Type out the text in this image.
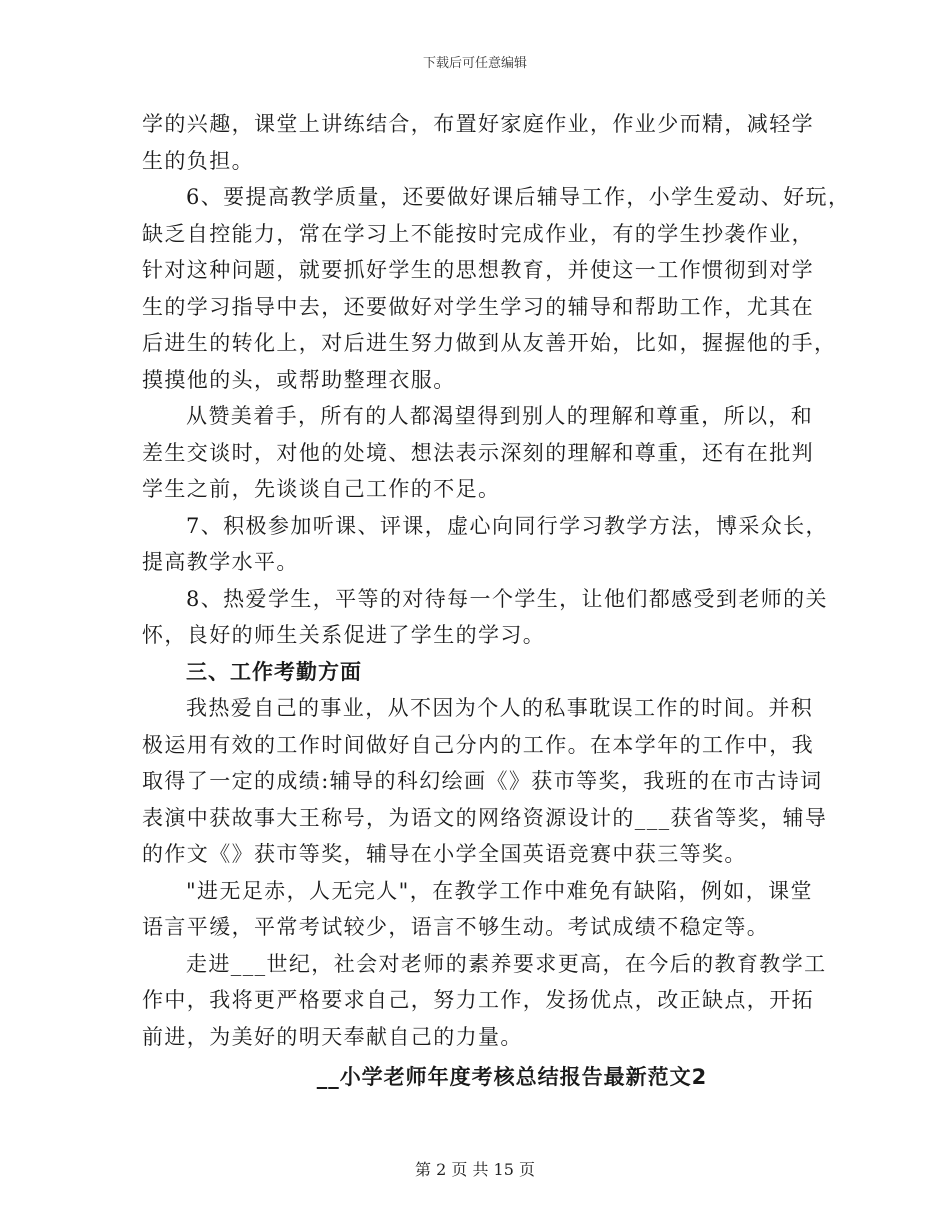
下载后可任意编辑
学的兴趣，课堂上讲练结合，布置好家庭作业，作业少而精，减轻学
生的负担。
6、要提高教学质量，还要做好课后辅导工作，小学生爱动、好玩，
缺乏自控能力，常在学习上不能按时完成作业，有的学生抄袭作业，
针对这种问题，就要抓好学生的思想教育，并使这一工作惯彻到对学
生的学习指导中去，还要做好对学生学习的辅导和帮助工作，尤其在
后进生的转化上，对后进生努力做到从友善开始，比如，握握他的手，
摸摸他的头，或帮助整理衣服。
从赞美着手，所有的人都渴望得到别人的理解和尊重，所以，和
差生交谈时，对他的处境、想法表示深刻的理解和尊重，还有在批判
学生之前，先谈谈自己工作的不足。
7、积极参加听课、评课，虚心向同行学习教学方法，博采众长，
提高教学水平。
8、热爱学生，平等的对待每一个学生，让他们都感受到老师的关
怀，良好的师生关系促进了学生的学习。
三、工作考勤方面
我热爱自己的事业，从不因为个人的私事耽误工作的时间。并积
极运用有效的工作时间做好自己分内的工作。在本学年的工作中，我
取得了一定的成绩:辅导的科幻绘画《》获市等奖，我班的在市古诗词
表演中获故事大王称号，为语文的网络资源设计的___获省等奖，辅导
的作文《》获市等奖，辅导在小学全国英语竞赛中获三等奖。
"进无足赤，人无完人"，在教学工作中难免有缺陷，例如，课堂
语言平缓，平常考试较少，语言不够生动。考试成绩不稳定等。
走进___世纪，社会对老师的素养要求更高，在今后的教育教学工
作中，我将更严格要求自己，努力工作，发扬优点，改正缺点，开拓
前进，为美好的明天奉献自己的力量。
__小学老师年度考核总结报告最新范文2
第 2 页 共 15 页
